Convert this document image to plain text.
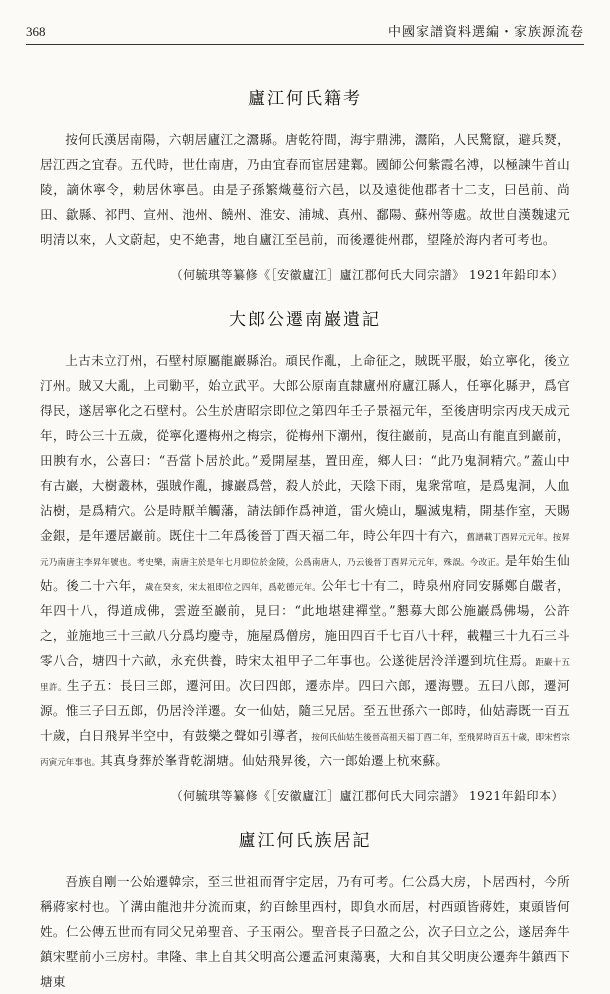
368	中國家譜資料選編・家族源流卷
廬江何氏籍考

按何氏漢居南陽，六朝居廬江之灊縣。唐乾符間，海宇鼎沸，灊陷，人民驚竄，避兵燹，居江西之宜春。五代時，世仕南唐，乃由宜春而宦居建鄴。國師公何紫霞名溥，以極諫牛首山陵，謫休寧令，勅居休寧邑。由是子孫繁熾蔓衍六邑，以及遠徙他郡者十二支，曰邑前、尚田、歙縣、祁門、宣州、池州、饒州、淮安、浦城、真州、鄱陽、蘇州等處。故世自漢魏逮元明清以來，人文蔚起，史不絶書，地自廬江至邑前，而後遷徙州郡，望隆於海内者可考也。

（何毓琪等纂修《［安徽廬江］廬江郡何氏大同宗譜》 1921年鉛印本）

大郎公遷南巖遺記

上古未立汀州，石壁村原屬龍巖縣治。頑民作亂，上命征之，賊既平服，始立寧化，後立汀州。賊又大亂，上司勦平，始立武平。大郎公原南直隸廬州府廬江縣人，任寧化縣尹，爲官得民，遂居寧化之石壁村。公生於唐昭宗即位之第四年壬子景福元年，至後唐明宗丙戌天成元年，時公三十五歲，從寧化遷梅州之梅宗，從梅州下潮州，復往巖前，見高山有龍直到巖前，田腴有水，公喜曰：“吾當卜居於此。”爰開屋基，置田産，鄉人曰：“此乃鬼洞精穴。”蓋山中有古巖，大樹叢林，强賊作亂，據巖爲營，殺人於此，天陰下雨，鬼衆常喧，是爲鬼洞，人血沾樹，是爲精穴。公是時厭羊觸藩，請法師作爲神道，雷火燒山，驅滅鬼精，開基作室，天賜金銀，是年遷居巖前。既住十二年爲後晉丁酉天福二年，時公年四十有六，舊譜載丁酉昇元元年。按昇元乃南唐主李昇年號也。考史樂，南唐主於是年七月即位於金陵，公爲南唐人，乃云後晉丁酉昇元元年，殊誤。今改正。是年始生仙姑。後二十六年，歲在癸亥，宋太祖即位之四年，爲乾德元年。公年七十有二，時泉州府同安縣鄭自嚴者，年四十八，得道成佛，雲遊至巖前，見曰：“此地堪建禪堂。”懇募大郎公施巖爲佛場，公許之，並施地三十三畝八分爲均慶寺，施屋爲僧房，施田四百千七百八十秤，載糧三十九石三斗零八合，塘四十六畝，永充供養，時宋太祖甲子二年事也。公遂徙居泠洋遷到坑住焉。距巖十五里許。生子五：長曰三郎，遷河田。次曰四郎，遷赤岸。四曰六郎，遷海豐。五曰八郎，遷河源。惟三子曰五郎，仍居泠洋遷。女一仙姑，隨三兄居。至五世孫六一郎時，仙姑壽既一百五十歲，白日飛昇半空中，有鼓樂之聲如引導者，按何氏仙姑生後晉高祖天福丁酉二年，至飛昇時百五十歲，即宋哲宗丙寅元年事也。其真身葬於峯背乾湖塘。仙姑飛昇後，六一郎始遷上杭來蘇。

（何毓琪等纂修《［安徽廬江］廬江郡何氏大同宗譜》 1921年鉛印本）

廬江何氏族居記

吾族自剛一公始遷韓宗，至三世祖而胥宇定居，乃有可考。仁公爲大房，卜居西村，今所稱蔣家村也。丫溝由龍池井分流而東，約百餘里西村，即負水而居，村西頭皆蔣姓，東頭皆何姓。仁公傳五世而有同父兄弟聖音、子玉兩公。聖音長子曰盈之公，次子曰立之公，遂居奔牛鎮宋墅前小三房村。聿隆、聿上自其父明高公遷孟河東蕩裏，大和自其父明庚公遷奔牛鎮西下塘東
